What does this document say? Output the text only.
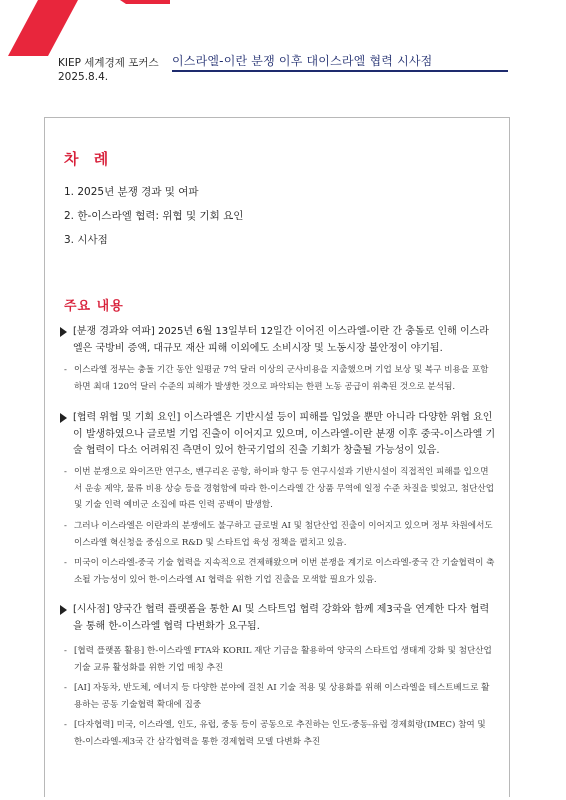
KIEP 세계경제 포커스
2025.8.4.
이스라엘-이란 분쟁 이후 대이스라엘 협력 시사점
차 례
1. 2025년 분쟁 경과 및 여파
2. 한-이스라엘 협력: 위협 및 기회 요인
3. 시사점
주요 내용
[분쟁 경과와 여파] 2025년 6월 13일부터 12일간 이어진 이스라엘-이란 간 충돌로 인해 이스라엘은 국방비 증액, 대규모 재산 피해 이외에도 소비시장 및 노동시장 불안정이 야기됨.
- 이스라엘 정부는 충돌 기간 동안 일평균 7억 달러 이상의 군사비용을 지출했으며 기업 보상 및 복구 비용을 포함하면 최대 120억 달러 수준의 피해가 발생한 것으로 파악되는 한편 노동 공급이 위축된 것으로 분석됨.
[협력 위협 및 기회 요인] 이스라엘은 기반시설 등이 피해를 입었을 뿐만 아니라 다양한 위협 요인이 발생하였으나 글로벌 기업 진출이 이어지고 있으며, 이스라엘-이란 분쟁 이후 중국-이스라엘 기술 협력이 다소 어려워진 측면이 있어 한국기업의 진출 기회가 창출될 가능성이 있음.
- 이번 분쟁으로 와이즈만 연구소, 벤구리온 공항, 하이파 항구 등 연구시설과 기반시설이 직접적인 피해를 입으면서 운송 제약, 물류 비용 상승 등을 경험함에 따라 한-이스라엘 간 상품 무역에 일정 수준 차질을 빚었고, 첨단산업 및 기술 인력 예비군 소집에 따른 인력 공백이 발생함.
- 그러나 이스라엘은 이란과의 분쟁에도 불구하고 글로벌 AI 및 첨단산업 진출이 이어지고 있으며 정부 차원에서도 이스라엘 혁신청을 중심으로 R&D 및 스타트업 육성 정책을 펼치고 있음.
- 미국이 이스라엘-중국 기술 협력을 지속적으로 견제해왔으며 이번 분쟁을 계기로 이스라엘-중국 간 기술협력이 축소될 가능성이 있어 한-이스라엘 AI 협력을 위한 기업 진출을 모색할 필요가 있음.
[시사점] 양국간 협력 플랫폼을 통한 AI 및 스타트업 협력 강화와 함께 제3국을 연계한 다자 협력을 통해 한-이스라엘 협력 다변화가 요구됨.
- [협력 플랫폼 활용] 한-이스라엘 FTA와 KORIL 재단 기금을 활용하여 양국의 스타트업 생태계 강화 및 첨단산업 기술 교류 활성화를 위한 기업 매칭 추진
- [AI] 자동차, 반도체, 에너지 등 다양한 분야에 걸친 AI 기술 적용 및 상용화를 위해 이스라엘을 테스트베드로 활용하는 공동 기술협력 확대에 집중
- [다자협력] 미국, 이스라엘, 인도, 유럽, 중동 등이 공동으로 추진하는 인도-중동-유럽 경제회랑(IMEC) 참여 및 한-이스라엘-제3국 간 삼각협력을 통한 경제협력 모델 다변화 추진
